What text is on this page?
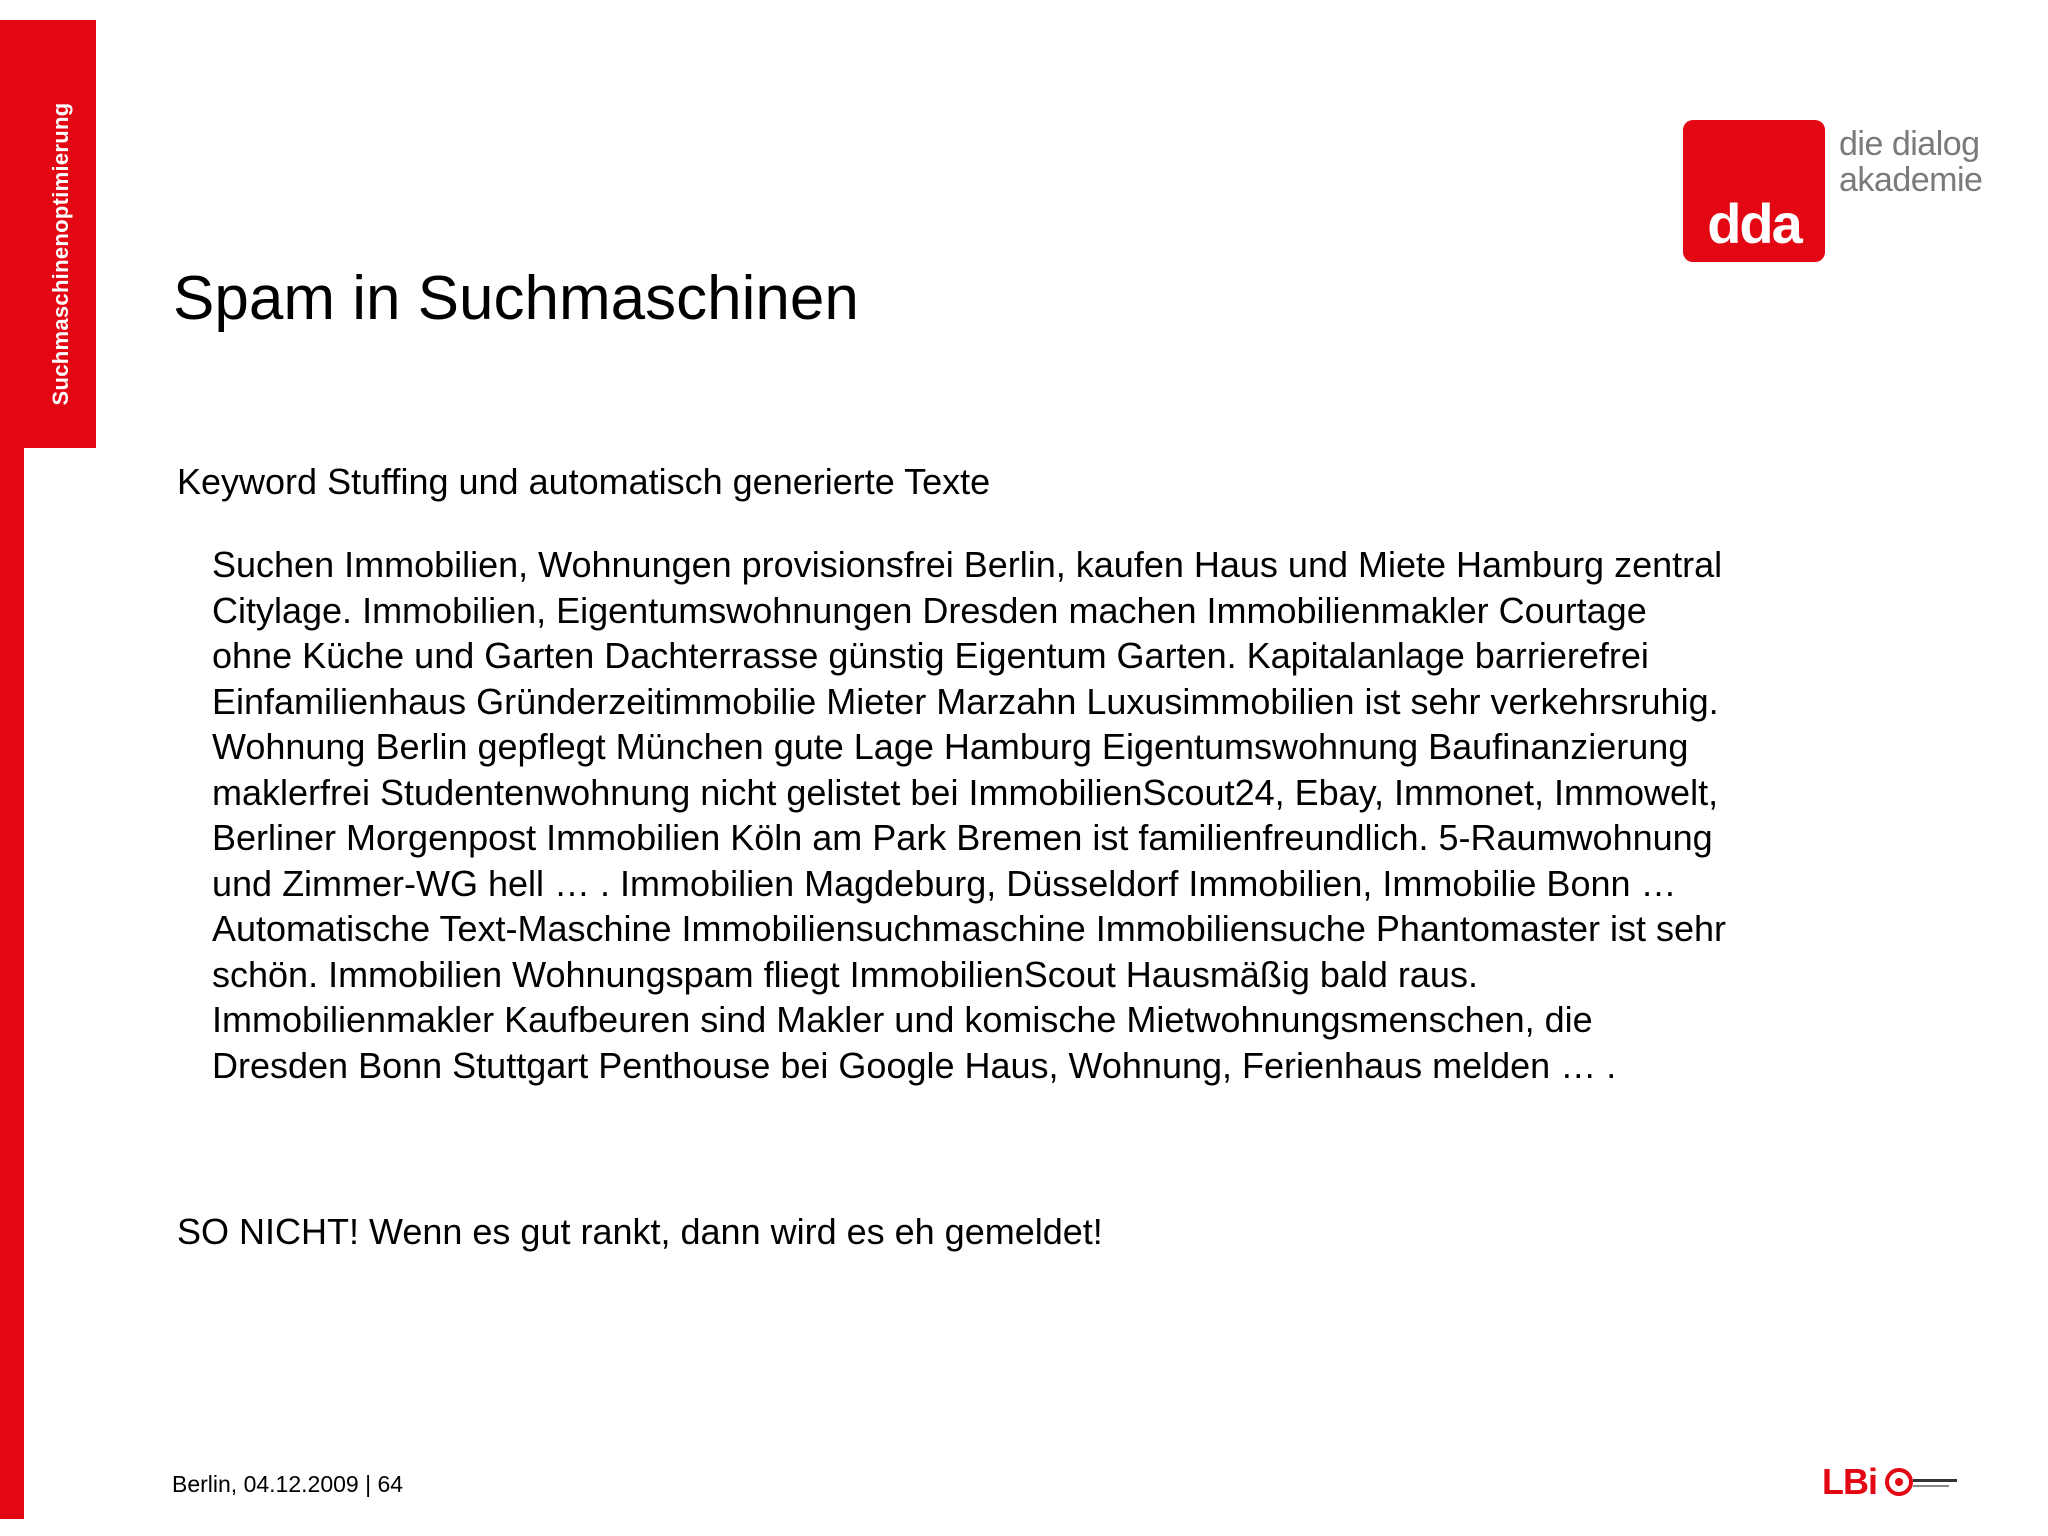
Suchmaschinenoptimierung	dda
die dialog
akademie
Spam in Suchmaschinen

Keyword Stuffing und automatisch generierte Texte

Suchen Immobilien, Wohnungen provisionsfrei Berlin, kaufen Haus und Miete Hamburg zentral
Citylage. Immobilien, Eigentumswohnungen Dresden machen Immobilienmakler Courtage
ohne Küche und Garten Dachterrasse günstig Eigentum Garten. Kapitalanlage barrierefrei
Einfamilienhaus Gründerzeitimmobilie Mieter Marzahn Luxusimmobilien ist sehr verkehrsruhig.
Wohnung Berlin gepflegt München gute Lage Hamburg Eigentumswohnung Baufinanzierung
maklerfrei Studentenwohnung nicht gelistet bei ImmobilienScout24, Ebay, Immonet, Immowelt,
Berliner Morgenpost Immobilien Köln am Park Bremen ist familienfreundlich. 5-Raumwohnung
und Zimmer-WG hell … . Immobilien Magdeburg, Düsseldorf Immobilien, Immobilie Bonn …
Automatische Text-Maschine Immobiliensuchmaschine Immobiliensuche Phantomaster ist sehr
schön. Immobilien Wohnungspam fliegt ImmobilienScout Hausmäßig bald raus.
Immobilienmakler Kaufbeuren sind Makler und komische Mietwohnungsmenschen, die
Dresden Bonn Stuttgart Penthouse bei Google Haus, Wohnung, Ferienhaus melden … .

SO NICHT! Wenn es gut rankt, dann wird es eh gemeldet!

Berlin, 04.12.2009 | 64	LBi
